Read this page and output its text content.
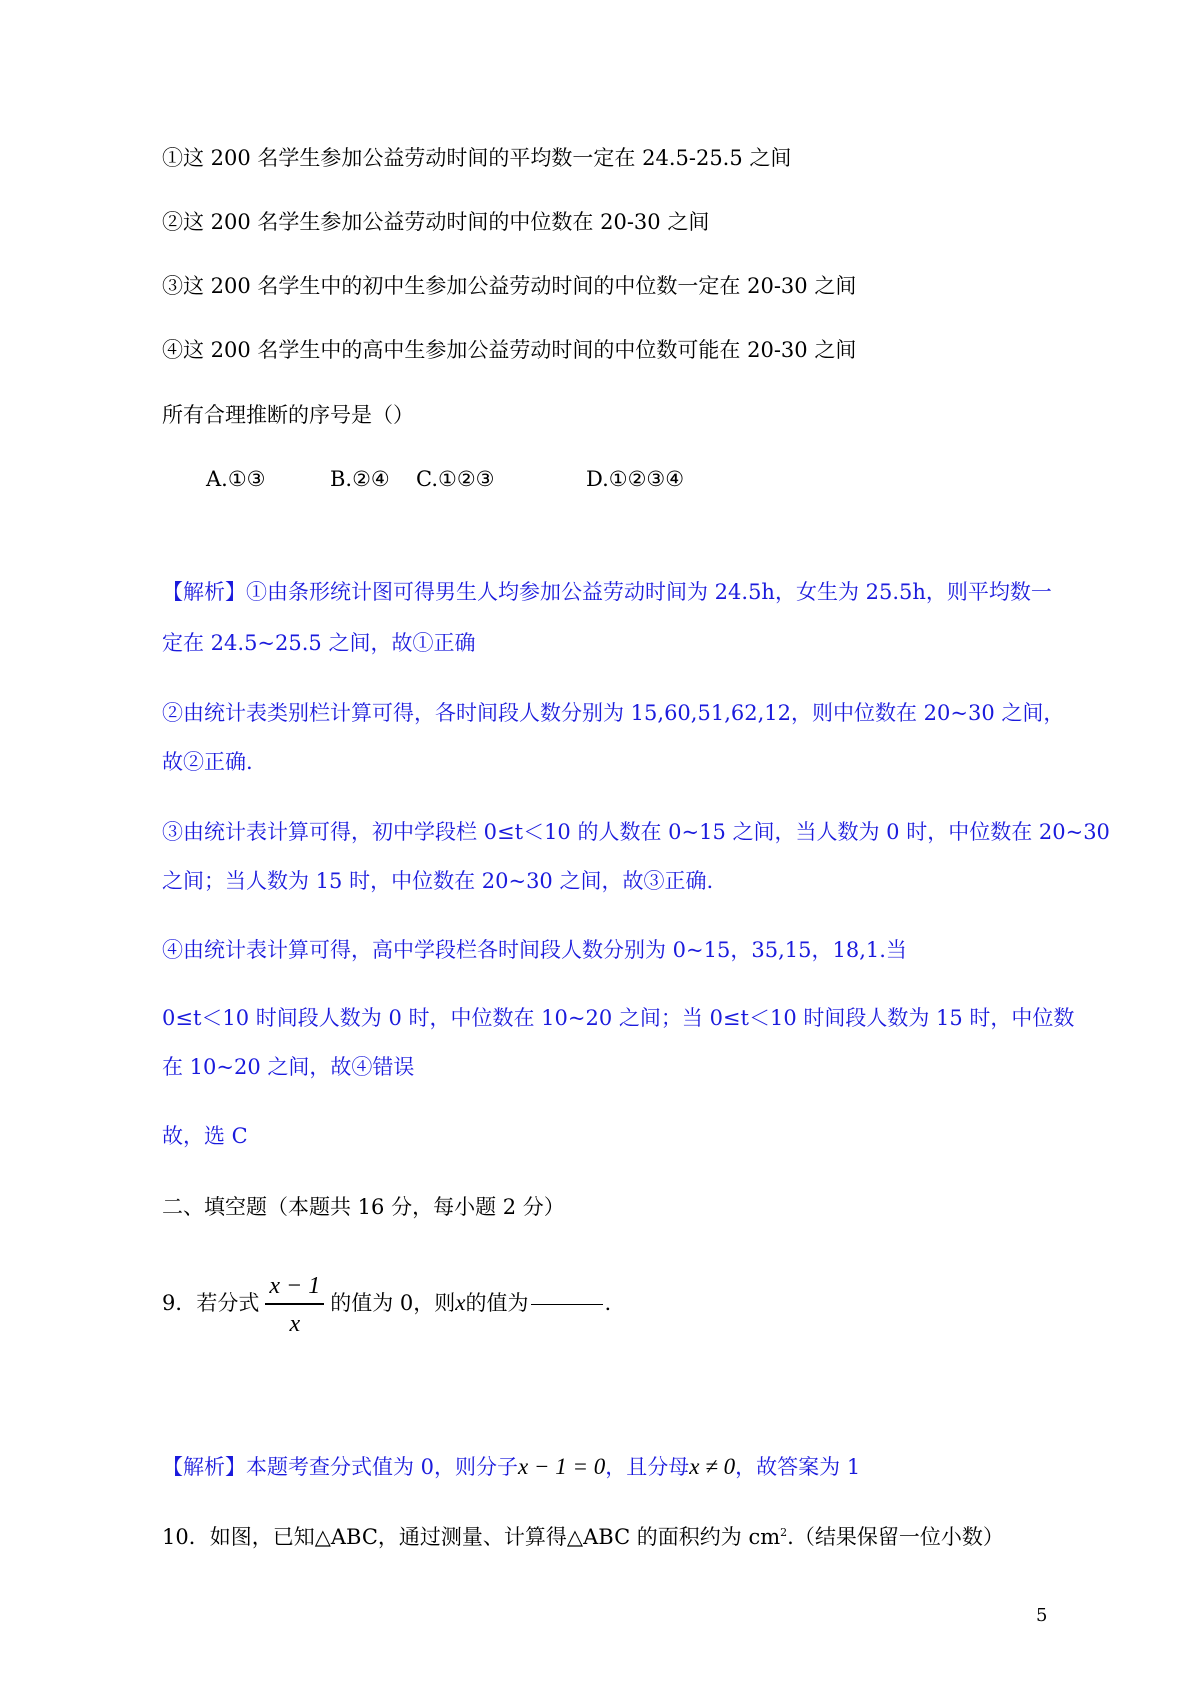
①这 200 名学生参加公益劳动时间的平均数一定在 24.5-25.5 之间
②这 200 名学生参加公益劳动时间的中位数在 20-30 之间
③这 200 名学生中的初中生参加公益劳动时间的中位数一定在 20-30 之间
④这 200 名学生中的高中生参加公益劳动时间的中位数可能在 20-30 之间
所有合理推断的序号是（）
A.①③	B.②④ C.①②③	D.①②③④
【解析】①由条形统计图可得男生人均参加公益劳动时间为 24.5h，女生为 25.5h，则平均数一
定在 24.5~25.5 之间，故①正确
②由统计表类别栏计算可得，各时间段人数分别为 15,60,51,62,12，则中位数在 20~30 之间，
故②正确.
③由统计表计算可得，初中学段栏 0≤t＜10 的人数在 0~15 之间，当人数为 0 时，中位数在 20~30
之间；当人数为 15 时，中位数在 20~30 之间，故③正确.
④由统计表计算可得，高中学段栏各时间段人数分别为 0~15，35,15，18,1.当
0≤t＜10 时间段人数为 0 时，中位数在 10~20 之间；当 0≤t＜10 时间段人数为 15 时，中位数
在 10~20 之间，故④错误
故，选 C
二、填空题（本题共 16 分，每小题 2 分）
9．若分式 $\frac{x - 1}{x}$ 的值为 0，则x的值为	.
【解析】本题考查分式值为 0，则分子x − 1 = 0，且分母x ≠ 0，故答案为 1
10．如图，已知△ABC，通过测量、计算得△ABC 的面积约为 $cm^2$.（结果保留一位小数）
5
